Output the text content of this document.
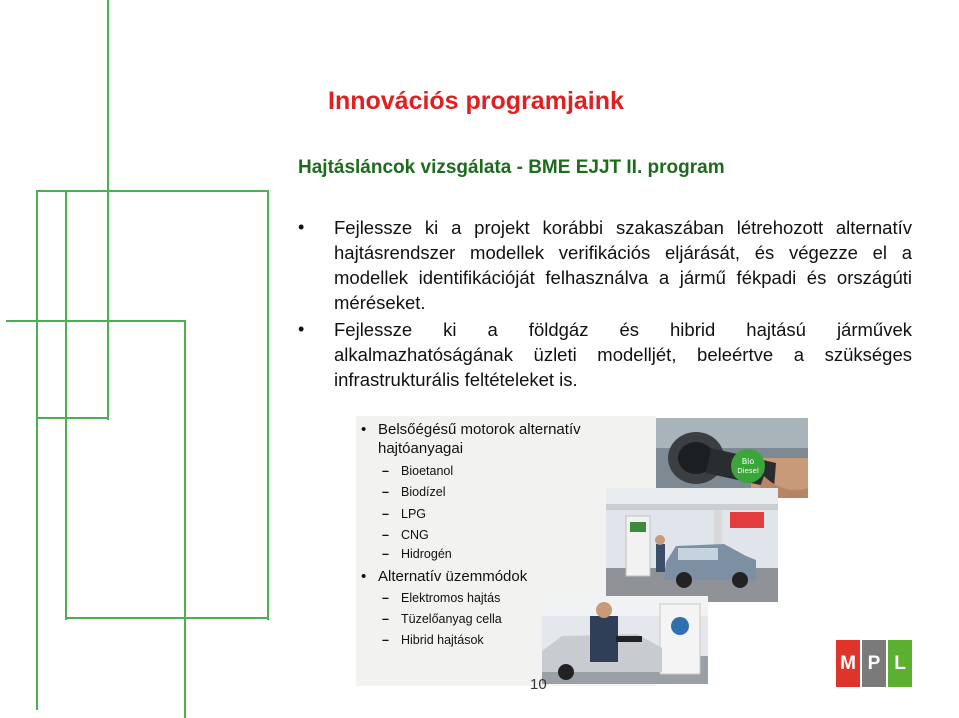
Innovációs programjaink
Hajtásláncok vizsgálata - BME EJJT II. program
• Fejlessze ki a projekt korábbi szakaszában létrehozott alternatív hajtásrendszer modellek verifikációs eljárását, és végezze el a modellek identifikációját felhasználva a jármű fékpadi és országúti méréseket.
• Fejlessze ki a földgáz és hibrid hajtású járművek alkalmazhatóságának üzleti modelljét, beleértve a szükséges infrastrukturális feltételeket is.
• Belsőégésű motorok alternatív
hajtóanyagai
– Bioetanol
– Biodízel
– LPG
– CNG
– Hidrogén
• Alternatív üzemmódok
– Elektromos hajtás
– Tüzelőanyag cella
– Hibrid hajtások
Bio
Diesel
10
M P L
